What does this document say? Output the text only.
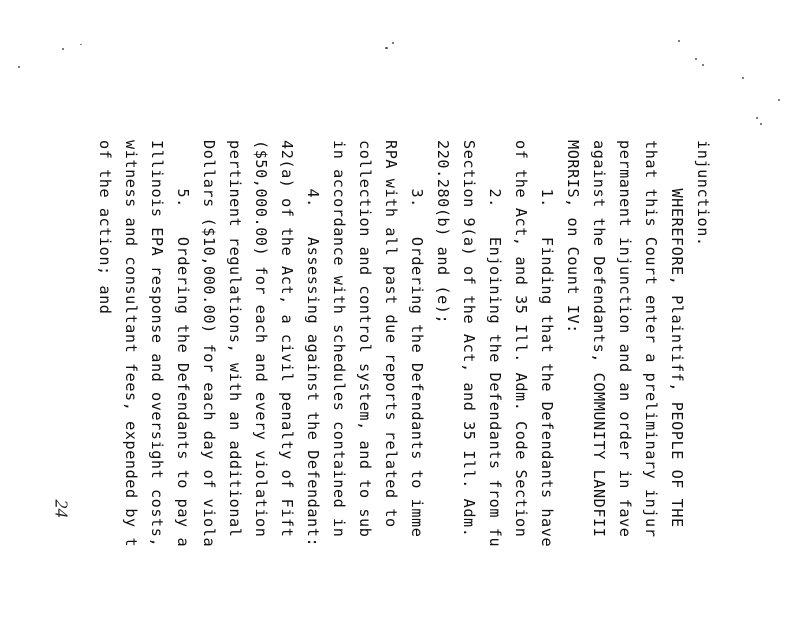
injunction.
WHEREFORE, Plaintiff, PEOPLE OF THE
that this Court enter a preliminary injur
permanent injunction and an order in fave
against the Defendants, COMMUNITY LANDFII
MORRIS, on Count IV:
1.   Finding that the Defendants have
of the Act, and 35 Ill. Adm. Code Section
2.   Enjoining the Defendants from fu
Section 9(a) of the Act, and 35 Ill. Adm.
220.280(b) and (e);
3.   Ordering the Defendants to imme
RPA with all past due reports related to
collection and control system, and to sub
in accordance with schedules contained in
4.   Assessing against the Defendant:
42(a) of the Act, a civil penalty of Fift
($50,000.00) for each and every violation
pertinent regulations, with an additional
Dollars ($10,000.00) for each day of viola
5.   Ordering the Defendants to pay a
Illinois EPA response and oversight costs,
witness and consultant fees, expended by t
of the action; and
24
